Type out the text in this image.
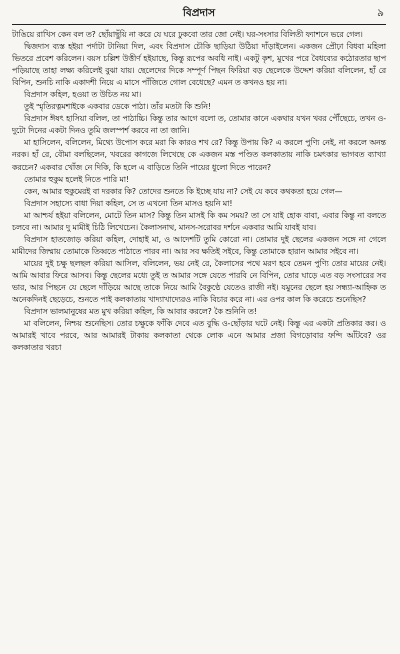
বিপ্রদাস	৯

টাঙিয়ে রাখিস কেন বল ত? ছোঁয়াছুঁয়ি না করে যে ঘরে ঢুকবো তার জো নেই। ঘর-সংসার বিলিতী ফ্যাশনে ভরে গেল।

দ্বিজদাস ব্যস্ত হইয়া পর্দাটা টানিয়া দিল, এবং বিপ্রদাস চৌকি ছাড়িয়া উঠিয়া দাঁড়াইলেন। একজন প্রৌঢ়া বিধবা মহিলা ভিতরে প্রবেশ করিলেন। বয়স চল্লিশ উত্তীর্ণ হইয়াছে, কিন্তু রূপের অবধি নাই। একটু কৃশ, মুখের পরে বৈধব্যের কঠোরতার ছাপ পড়িয়াছে তাহা লক্ষ্য করিলেই বুঝা যায়। ছেলেদের দিকে সম্পূর্ণ পিছন ফিরিয়া বড় ছেলেকে উদ্দেশ করিয়া বলিলেন, হাঁ রে বিপিন, শুনচি নাকি একাদশী নিয়ে এ মাসে পাঁজিতে গোল বেধেছে? এমন ত কখনও হয় না।

বিপ্রদাস কহিল, হওয়া ত উচিত নয় মা।

তুই স্মৃতিরত্নমশাইকে একবার ডেকে পাঠা। তাঁর মতটা কি শুনি!

বিপ্রদাস ঈষৎ হাসিয়া বলিল, তা পাঠাচ্চি। কিন্তু তার আগে বলো ত, তোমার কানে একথার যখন খবর পৌঁছেচে, তখন ও-দুটো দিনের একটা দিনও তুমি জলস্পর্শ করবে না তা জানি।

মা হাসিলেন, বলিলেন, মিথ্যে উপোস করে মরা কি কারও শখ রে? কিন্তু উপায় কি? এ করলে পুণ্যি নেই, না করলে অনন্ত নরক। হাঁ রে, বৌমা বলছিলেন, খবরের কাগজে লিখেছে কে একজন মস্ত পণ্ডিত কলকাতায় নাকি চমৎকার ভাগবত ব্যাখ্যা করচেন? একবার খোঁজ নে দিকি, কি হলে এ বাড়িতে তিনি পায়ের ধুলো দিতে পারেন?

তোমার হুকুম হলেই নিতে পারি মা!

কেন, আমার হুকুমেরই বা দরকার কি? তোদের শুনতে কি ইচ্ছে যায় না? সেই যে কবে কথকতা হয়ে গেল—

বিপ্রদাস সহাস্যে বাধা দিয়া কহিল, সে ত এখনো তিন মাসও হয়নি মা!

মা আশ্চর্য হইয়া বলিলেন, মোটে তিন মাস? কিন্তু তিন মাসই কি কম সময়? তা সে যাই হোক বাবা, এবার কিন্তু না বলতে চলবে না। আমার দু মামীই চিঠি লিখেচেন। কৈলাসনাথ, মানস-সরোবর দর্শনে একবার আমি যাবই যাব।

বিপ্রদাস হাতজোড় করিয়া কহিল, দোহাই মা, ও আদেশটি তুমি কোরো না। তোমার দুই ছেলের একজন সঙ্গে না গেলে মামীদের জিম্মায় তোমাকে তিব্বতে পাঠাতে পারব না। আর সব ক্ষতিই সইবে, কিন্তু তোমাকে হারান আমার সইবে না।

মায়ের দুই চক্ষু ছলছল করিয়া আসিল, বলিলেন, ভয় নেই রে, কৈলাসের পথে মরণ হবে তেমন পুণ্যি তোর মায়ের নেই। আমি আবার ফিরে আসব। কিন্তু ছেলের মধ্যে তুই ত আমার সঙ্গে যেতে পারবি নে বিপিন, তোর ঘাড়ে এত বড় সংসারের সব ভার, আর পিছনে যে ছেলে দাঁড়িয়ে আছে তাকে নিয়ে আমি বৈকুণ্ঠে যেতেও রাজী নই। যমুনের ছেলে হয় সন্ধ্যা-আহ্নিক ত অনেকদিনই ছেড়েচে, শুনতে পাই কলকাতায় খাদ্যাখাদ্যেরও নাকি বিচার করে না। এর ওপর কাল কি করেচে শুনেছিস?

বিপ্রদাস ভালমানুষের মত মুখ করিয়া কহিল, কি আবার করলে? কৈ শুনিনি ত!

মা বলিলেন, নিশ্চয় শুনেছিস। তোর চক্ষুকে ফাঁকি দেবে এত বুদ্ধি ও-ছোঁড়ার ঘটে নেই। কিন্তু এর একটা প্রতিকার কর। ও আমারই খাবে পরবে, আর আমারই টাকায় কলকাতা থেকে লোক এনে আমার প্রজা বিগড়োবার ফন্দি আঁটবে? ওর কলকাতার খরচা
